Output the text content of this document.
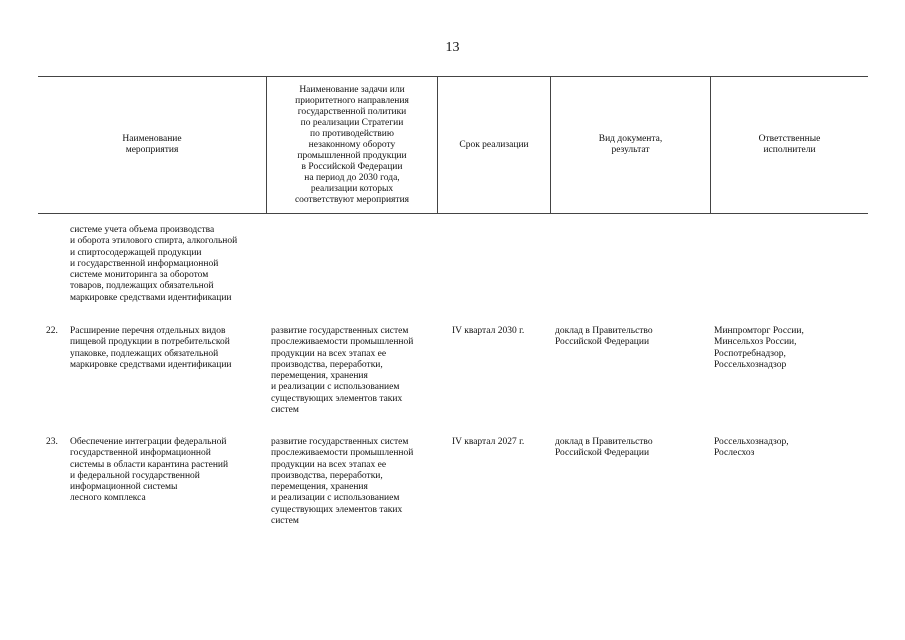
13
Наименование
мероприятия
Наименование задачи или
приоритетного направления
государственной политики
по реализации Стратегии
по противодействию
незаконному обороту
промышленной продукции
в Российской Федерации
на период до 2030 года,
реализации которых
соответствуют мероприятия
Срок реализации
Вид документа,
результат
Ответственные
исполнители
системе учета объема производства
и оборота этилового спирта, алкогольной
и спиртосодержащей продукции
и государственной информационной
системе мониторинга за оборотом
товаров, подлежащих обязательной
маркировке средствами идентификации
22. Расширение перечня отдельных видов
пищевой продукции в потребительской
упаковке, подлежащих обязательной
маркировке средствами идентификации
развитие государственных систем
прослеживаемости промышленной
продукции на всех этапах ее
производства, переработки,
перемещения, хранения
и реализации с использованием
существующих элементов таких
систем
IV квартал 2030 г.	доклад в Правительство
Российской Федерации
Минпромторг России,
Минсельхоз России,
Роспотребнадзор,
Россельхознадзор
23. Обеспечение интеграции федеральной
государственной информационной
системы в области карантина растений
и федеральной государственной
информационной системы
лесного комплекса
развитие государственных систем
прослеживаемости промышленной
продукции на всех этапах ее
производства, переработки,
перемещения, хранения
и реализации с использованием
существующих элементов таких
систем
IV квартал 2027 г.	доклад в Правительство
Российской Федерации
Россельхознадзор,
Рослесхоз
